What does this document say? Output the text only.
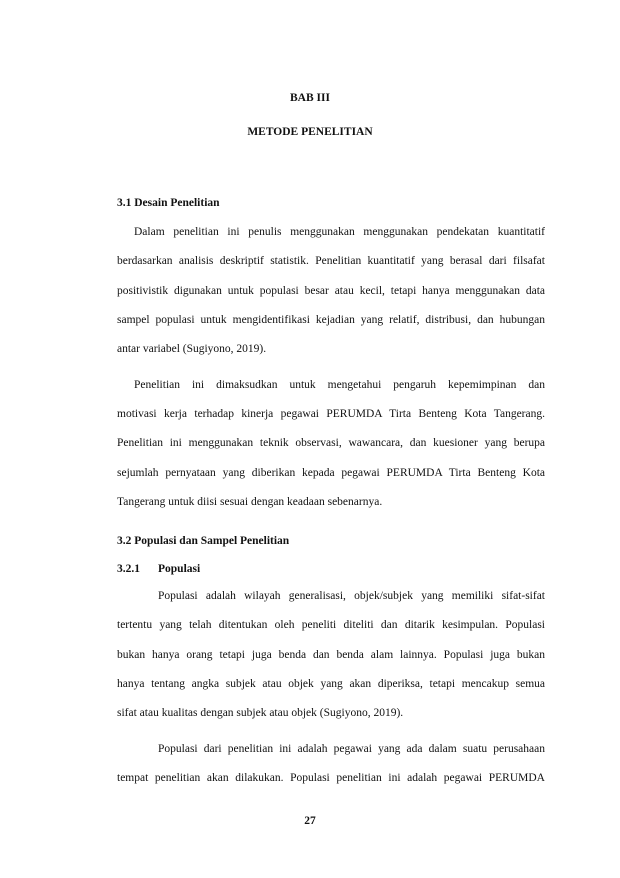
BAB III
METODE PENELITIAN
3.1 Desain Penelitian
Dalam penelitian ini penulis menggunakan menggunakan pendekatan kuantitatif
berdasarkan analisis deskriptif statistik. Penelitian kuantitatif yang berasal dari filsafat
positivistik digunakan untuk populasi besar atau kecil, tetapi hanya menggunakan data
sampel populasi untuk mengidentifikasi kejadian yang relatif, distribusi, dan hubungan
antar variabel (Sugiyono, 2019).
Penelitian ini dimaksudkan untuk mengetahui pengaruh kepemimpinan dan
motivasi kerja terhadap kinerja pegawai PERUMDA Tirta Benteng Kota Tangerang.
Penelitian ini menggunakan teknik observasi, wawancara, dan kuesioner yang berupa
sejumlah pernyataan yang diberikan kepada pegawai PERUMDA Tirta Benteng Kota
Tangerang untuk diisi sesuai dengan keadaan sebenarnya.
3.2 Populasi dan Sampel Penelitian
3.2.1 Populasi
Populasi adalah wilayah generalisasi, objek/subjek yang memiliki sifat-sifat
tertentu yang telah ditentukan oleh peneliti diteliti dan ditarik kesimpulan. Populasi
bukan hanya orang tetapi juga benda dan benda alam lainnya. Populasi juga bukan
hanya tentang angka subjek atau objek yang akan diperiksa, tetapi mencakup semua
sifat atau kualitas dengan subjek atau objek (Sugiyono, 2019).
Populasi dari penelitian ini adalah pegawai yang ada dalam suatu perusahaan
tempat penelitian akan dilakukan. Populasi penelitian ini adalah pegawai PERUMDA
27
